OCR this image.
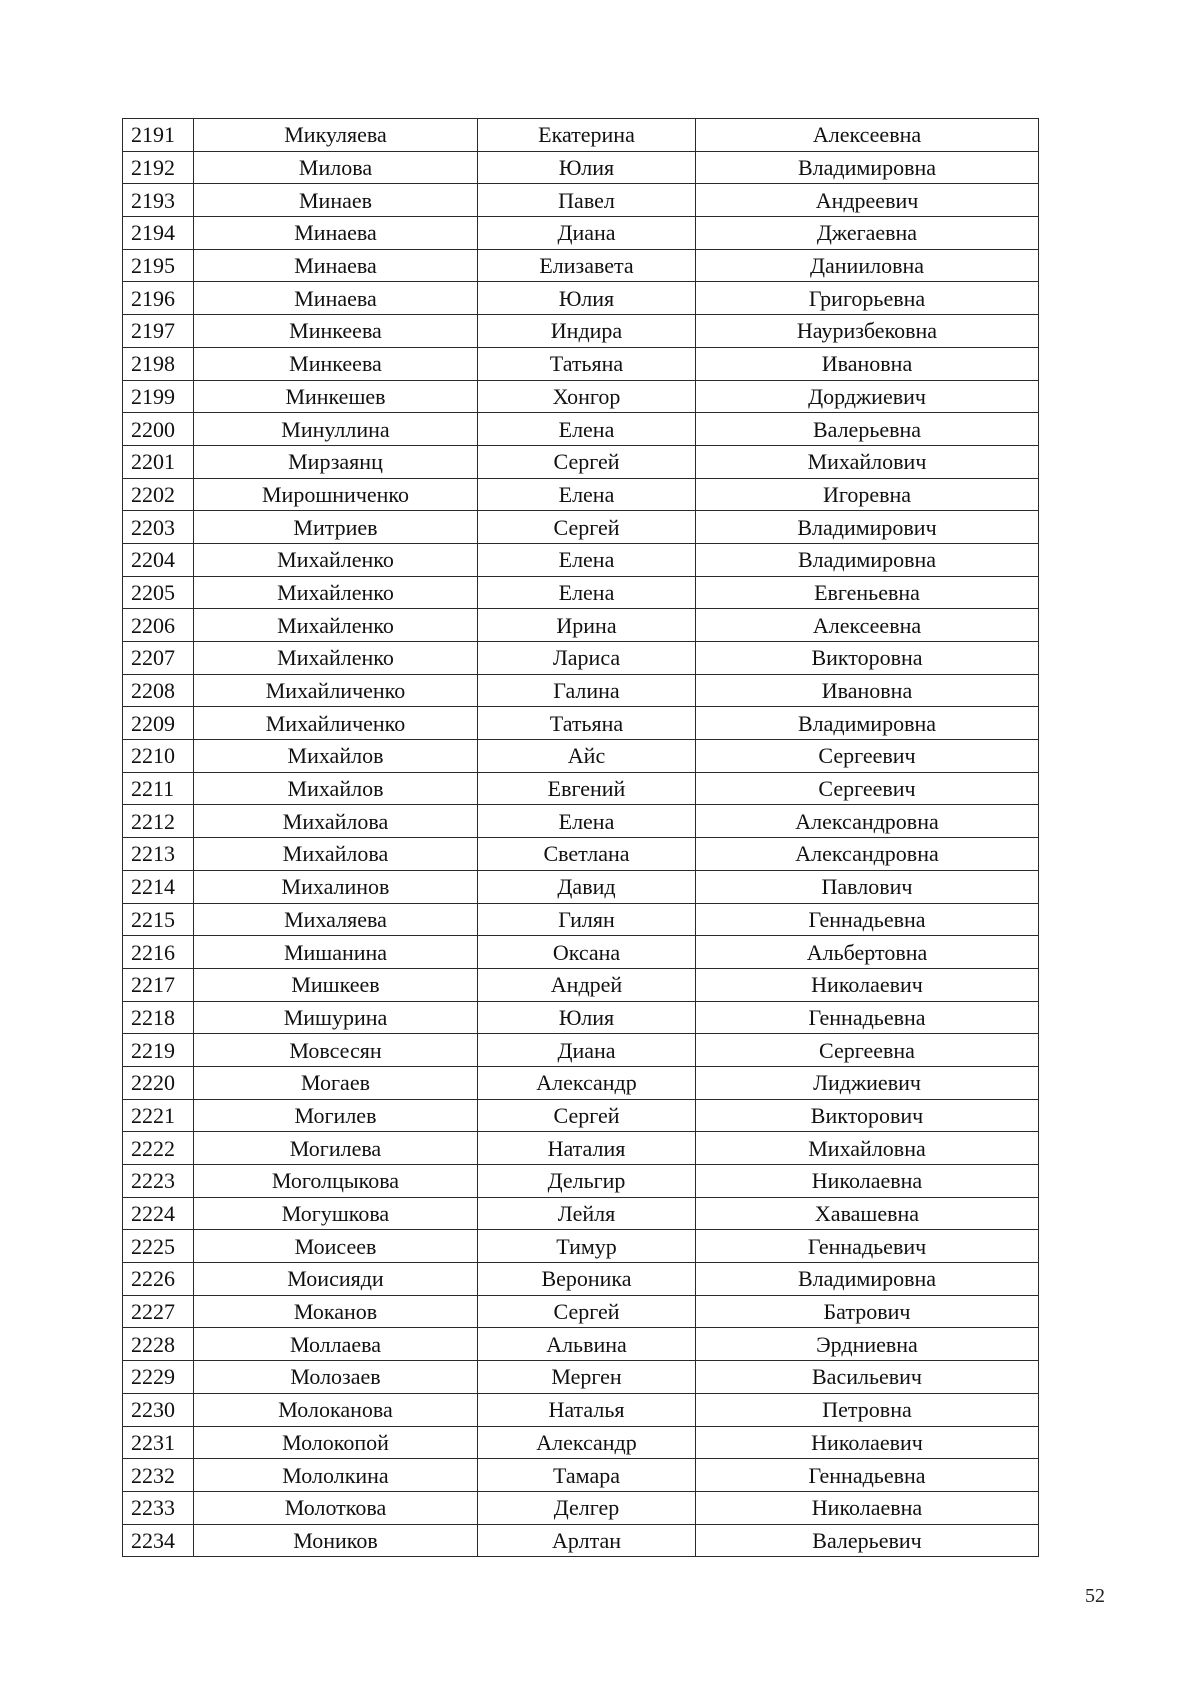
2191	Микуляева	Екатерина	Алексеевна
2192	Милова	Юлия	Владимировна
2193	Минаев	Павел	Андреевич
2194	Минаева	Диана	Джегаевна
2195	Минаева	Елизавета	Данииловна
2196	Минаева	Юлия	Григорьевна
2197	Минкеева	Индира	Науризбековна
2198	Минкеева	Татьяна	Ивановна
2199	Минкешев	Хонгор	Дорджиевич
2200	Минуллина	Елена	Валерьевна
2201	Мирзаянц	Сергей	Михайлович
2202	Мирошниченко	Елена	Игоревна
2203	Митриев	Сергей	Владимирович
2204	Михайленко	Елена	Владимировна
2205	Михайленко	Елена	Евгеньевна
2206	Михайленко	Ирина	Алексеевна
2207	Михайленко	Лариса	Викторовна
2208	Михайличенко	Галина	Ивановна
2209	Михайличенко	Татьяна	Владимировна
2210	Михайлов	Айс	Сергеевич
2211	Михайлов	Евгений	Сергеевич
2212	Михайлова	Елена	Александровна
2213	Михайлова	Светлана	Александровна
2214	Михалинов	Давид	Павлович
2215	Михаляева	Гилян	Геннадьевна
2216	Мишанина	Оксана	Альбертовна
2217	Мишкеев	Андрей	Николаевич
2218	Мишурина	Юлия	Геннадьевна
2219	Мовсесян	Диана	Сергеевна
2220	Могаев	Александр	Лиджиевич
2221	Могилев	Сергей	Викторович
2222	Могилева	Наталия	Михайловна
2223	Моголцыкова	Дельгир	Николаевна
2224	Могушкова	Лейля	Хавашевна
2225	Моисеев	Тимур	Геннадьевич
2226	Моисияди	Вероника	Владимировна
2227	Моканов	Сергей	Батрович
2228	Моллаева	Альвина	Эрдниевна
2229	Молозаев	Мерген	Васильевич
2230	Молоканова	Наталья	Петровна
2231	Молокопой	Александр	Николаевич
2232	Мололкина	Тамара	Геннадьевна
2233	Молоткова	Делгер	Николаевна
2234	Моников	Арлтан	Валерьевич
52
